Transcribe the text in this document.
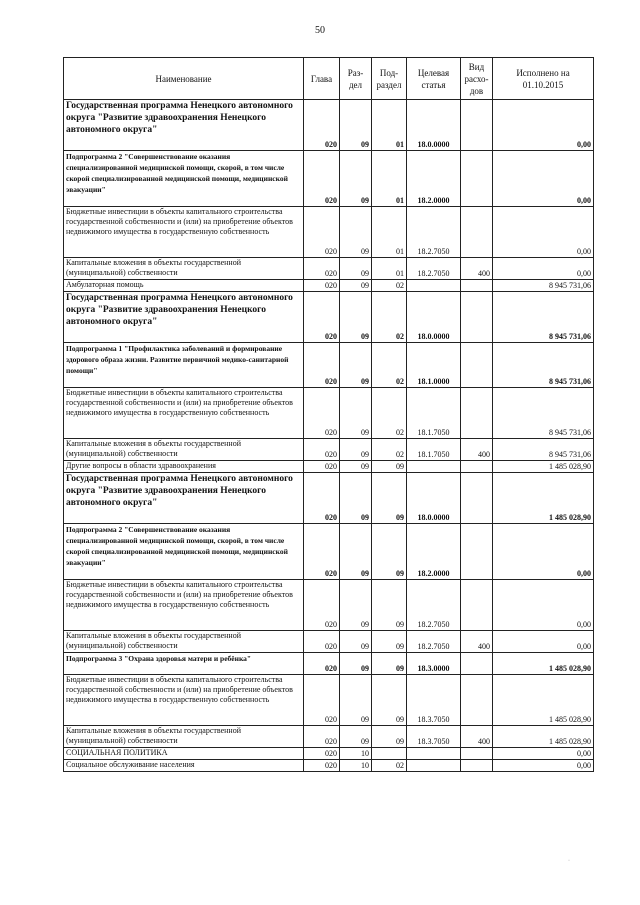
50
Наименование	Глава	Раз-дел	Под-раздел	Целевая статья	Вид расхо-дов	Исполнено на 01.10.2015
Государственная программа Ненецкого автономного округа "Развитие здравоохранения Ненецкого автономного округа"	020	09	01	18.0.0000		0,00
Подпрограмма 2 "Совершенствование оказания специализированной медицинской помощи, скорой, в том числе скорой специализированной медицинской помощи, медицинской эвакуации"	020	09	01	18.2.0000		0,00
Бюджетные инвестиции в объекты капитального строительства государственной собственности и (или) на приобретение объектов недвижимого имущества в государственную собственность	020	09	01	18.2.7050		0,00
Капитальные вложения в объекты государственной (муниципальной) собственности	020	09	01	18.2.7050	400	0,00
Амбулаторная помощь	020	09	02			8 945 731,06
Государственная программа Ненецкого автономного округа "Развитие здравоохранения Ненецкого автономного округа"	020	09	02	18.0.0000		8 945 731,06
Подпрограмма 1 "Профилактика заболеваний и формирование здорового образа жизни. Развитие первичной медико-санитарной помощи"	020	09	02	18.1.0000		8 945 731,06
Бюджетные инвестиции в объекты капитального строительства государственной собственности и (или) на приобретение объектов недвижимого имущества в государственную собственность	020	09	02	18.1.7050		8 945 731,06
Капитальные вложения в объекты государственной (муниципальной) собственности	020	09	02	18.1.7050	400	8 945 731,06
Другие вопросы в области здравоохранения	020	09	09			1 485 028,90
Государственная программа Ненецкого автономного округа "Развитие здравоохранения Ненецкого автономного округа"	020	09	09	18.0.0000		1 485 028,90
Подпрограмма 2 "Совершенствование оказания специализированной медицинской помощи, скорой, в том числе скорой специализированной медицинской помощи, медицинской эвакуации"	020	09	09	18.2.0000		0,00
Бюджетные инвестиции в объекты капитального строительства государственной собственности и (или) на приобретение объектов недвижимого имущества в государственную собственность	020	09	09	18.2.7050		0,00
Капитальные вложения в объекты государственной (муниципальной) собственности	020	09	09	18.2.7050	400	0,00
Подпрограмма 3 "Охрана здоровья матери и ребёнка"	020	09	09	18.3.0000		1 485 028,90
Бюджетные инвестиции в объекты капитального строительства государственной собственности и (или) на приобретение объектов недвижимого имущества в государственную собственность	020	09	09	18.3.7050		1 485 028,90
Капитальные вложения в объекты государственной (муниципальной) собственности	020	09	09	18.3.7050	400	1 485 028,90
СОЦИАЛЬНАЯ ПОЛИТИКА	020	10				0,00
Социальное обслуживание населения	020	10	02			0,00
·
